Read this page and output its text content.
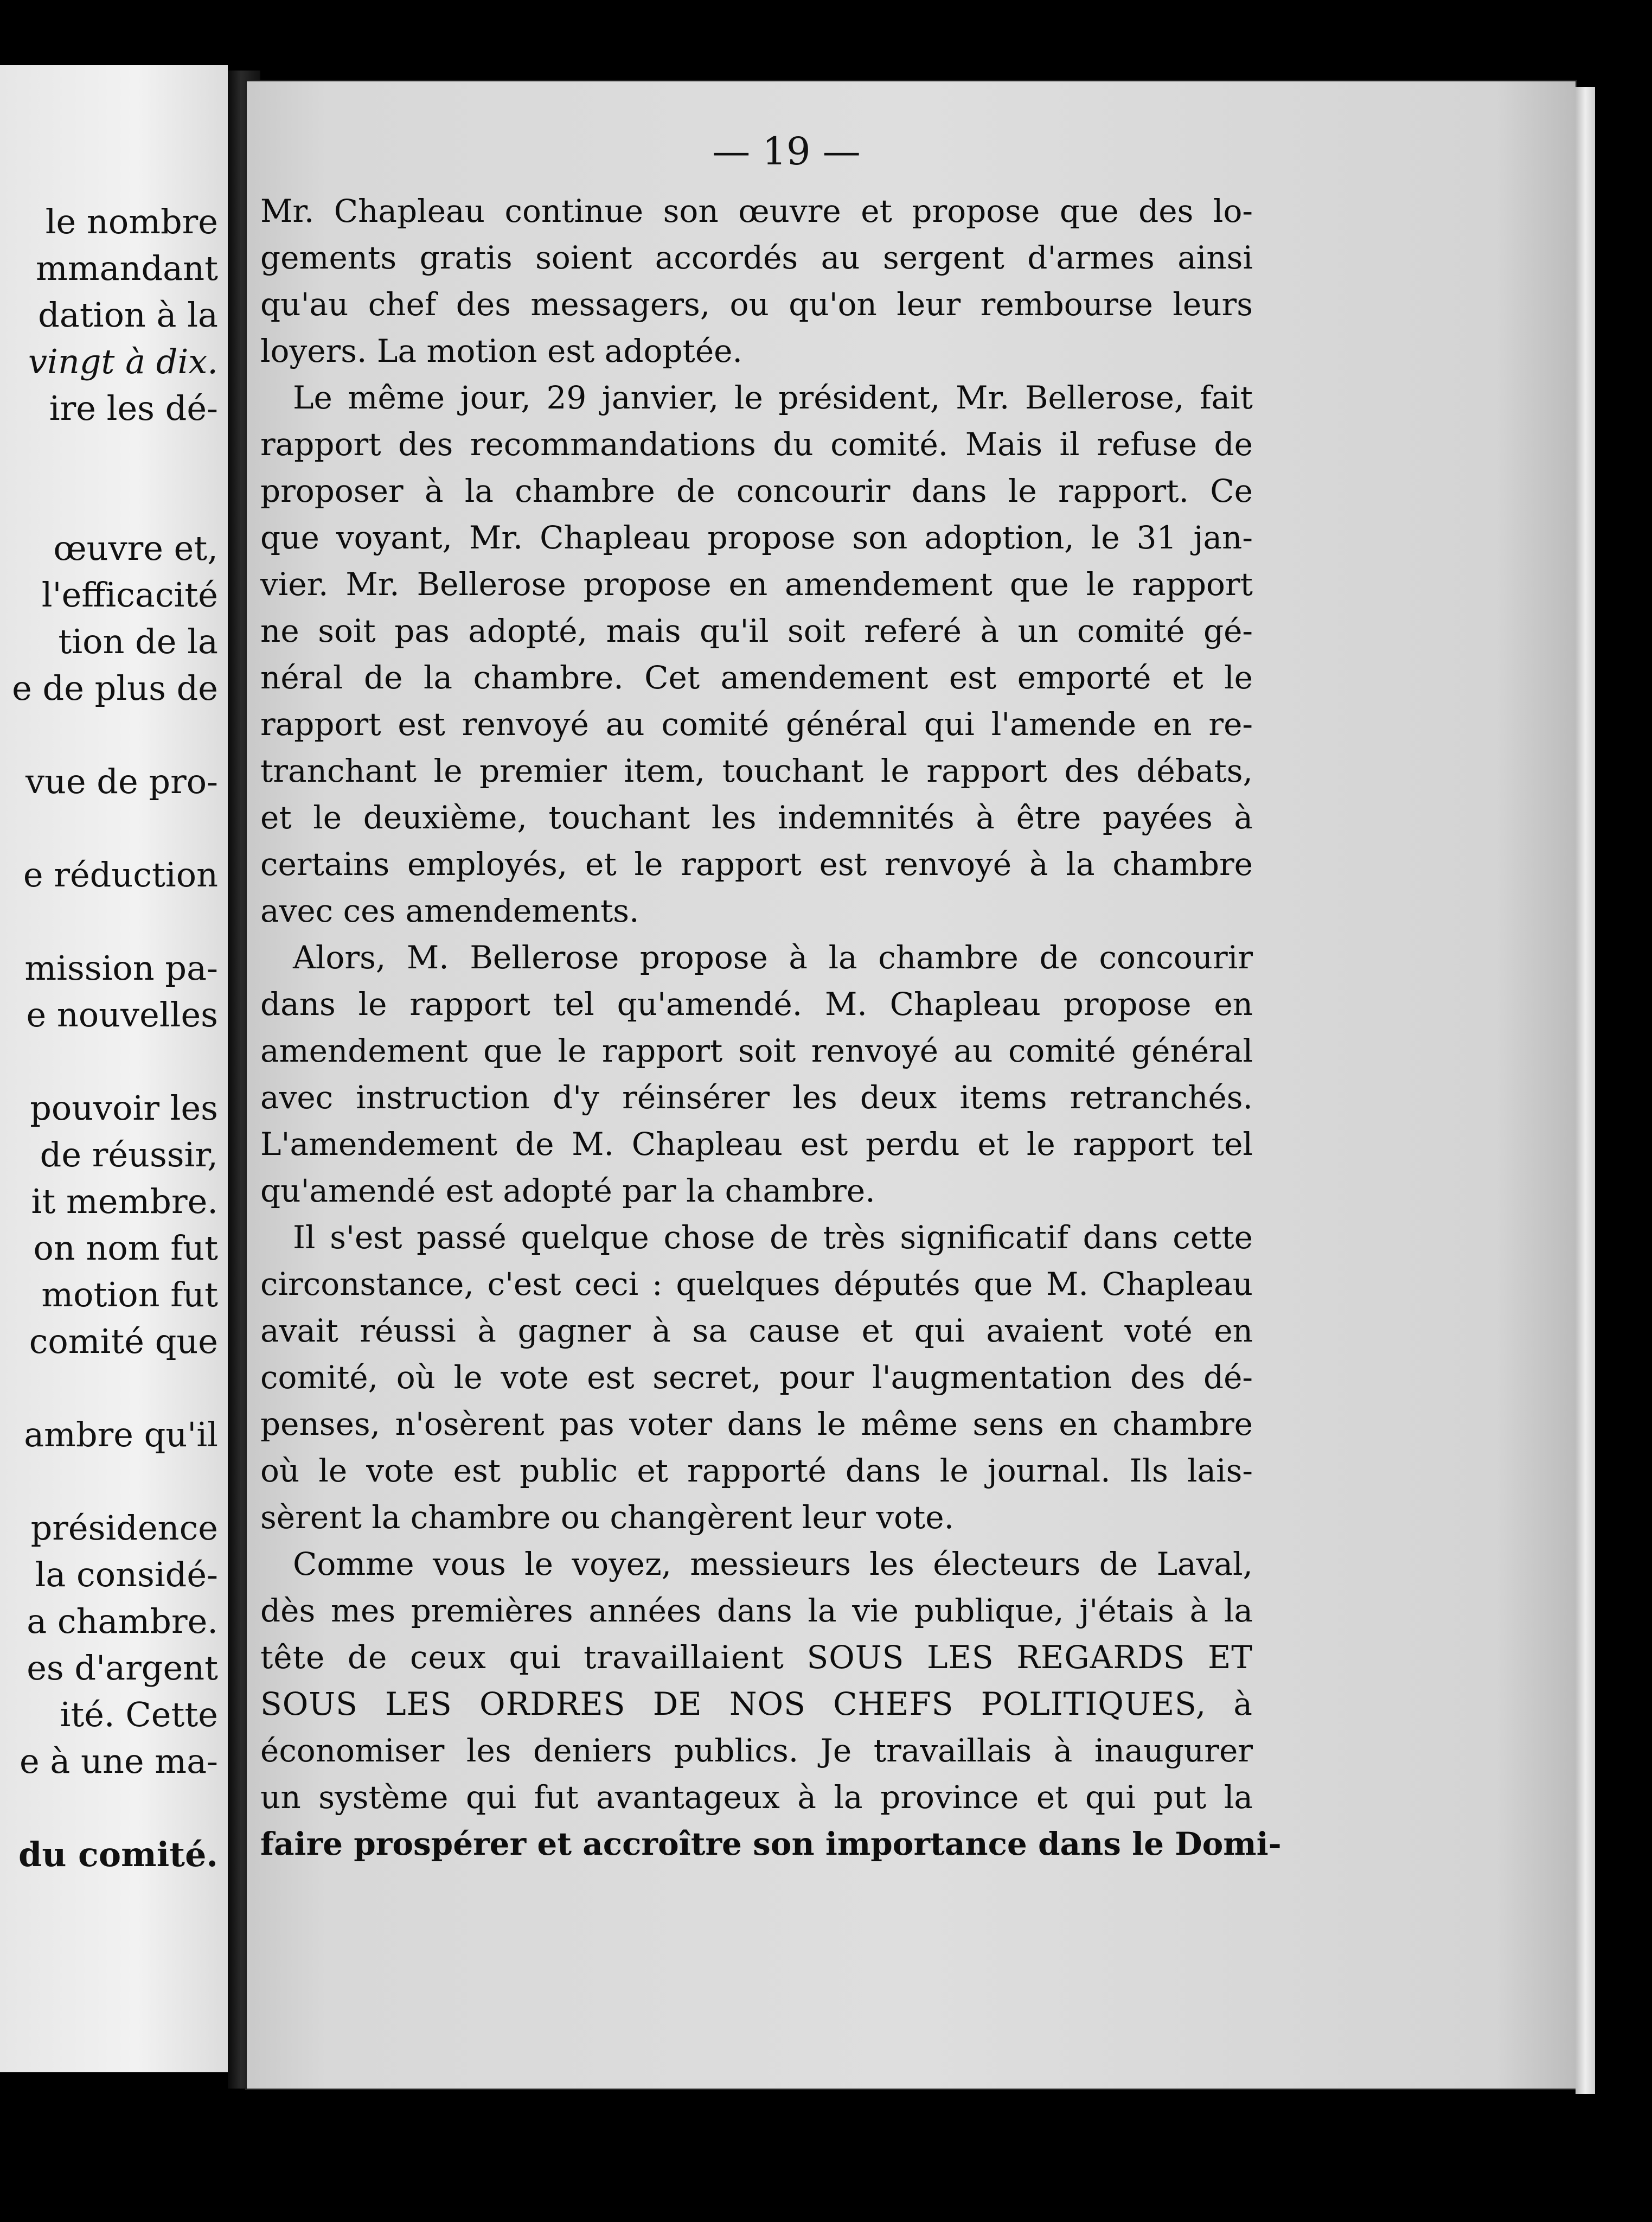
le nombre
mmandant
dation à la
vingt à dix.
ire les dé-
œuvre et,
l'efficacité
tion de la
e de plus de
vue de pro-
e réduction
mission pa-
e nouvelles
pouvoir les
de réussir,
it membre.
on nom fut
motion fut
comité que
ambre qu'il
présidence
la considé-
a chambre.
es d'argent
ité. Cette
e à une ma-
du comité.
— 19 —
Mr. Chapleau continue son œuvre et propose que des lo-
gements gratis soient accordés au sergent d'armes ainsi
qu'au chef des messagers, ou qu'on leur rembourse leurs
loyers. La motion est adoptée.
Le même jour, 29 janvier, le président, Mr. Bellerose, fait
rapport des recommandations du comité. Mais il refuse de
proposer à la chambre de concourir dans le rapport. Ce
que voyant, Mr. Chapleau propose son adoption, le 31 jan-
vier. Mr. Bellerose propose en amendement que le rapport
ne soit pas adopté, mais qu'il soit referé à un comité gé-
néral de la chambre. Cet amendement est emporté et le
rapport est renvoyé au comité général qui l'amende en re-
tranchant le premier item, touchant le rapport des débats,
et le deuxième, touchant les indemnités à être payées à
certains employés, et le rapport est renvoyé à la chambre
avec ces amendements.
Alors, M. Bellerose propose à la chambre de concourir
dans le rapport tel qu'amendé. M. Chapleau propose en
amendement que le rapport soit renvoyé au comité général
avec instruction d'y réinsérer les deux items retranchés.
L'amendement de M. Chapleau est perdu et le rapport tel
qu'amendé est adopté par la chambre.
Il s'est passé quelque chose de très significatif dans cette
circonstance, c'est ceci : quelques députés que M. Chapleau
avait réussi à gagner à sa cause et qui avaient voté en
comité, où le vote est secret, pour l'augmentation des dé-
penses, n'osèrent pas voter dans le même sens en chambre
où le vote est public et rapporté dans le journal. Ils lais-
sèrent la chambre ou changèrent leur vote.
Comme vous le voyez, messieurs les électeurs de Laval,
dès mes premières années dans la vie publique, j'étais à la
tête de ceux qui travaillaient SOUS LES REGARDS ET
SOUS LES ORDRES DE NOS CHEFS POLITIQUES, à
économiser les deniers publics. Je travaillais à inaugurer
un système qui fut avantageux à la province et qui put la
faire prospérer et accroître son importance dans le Domi-
